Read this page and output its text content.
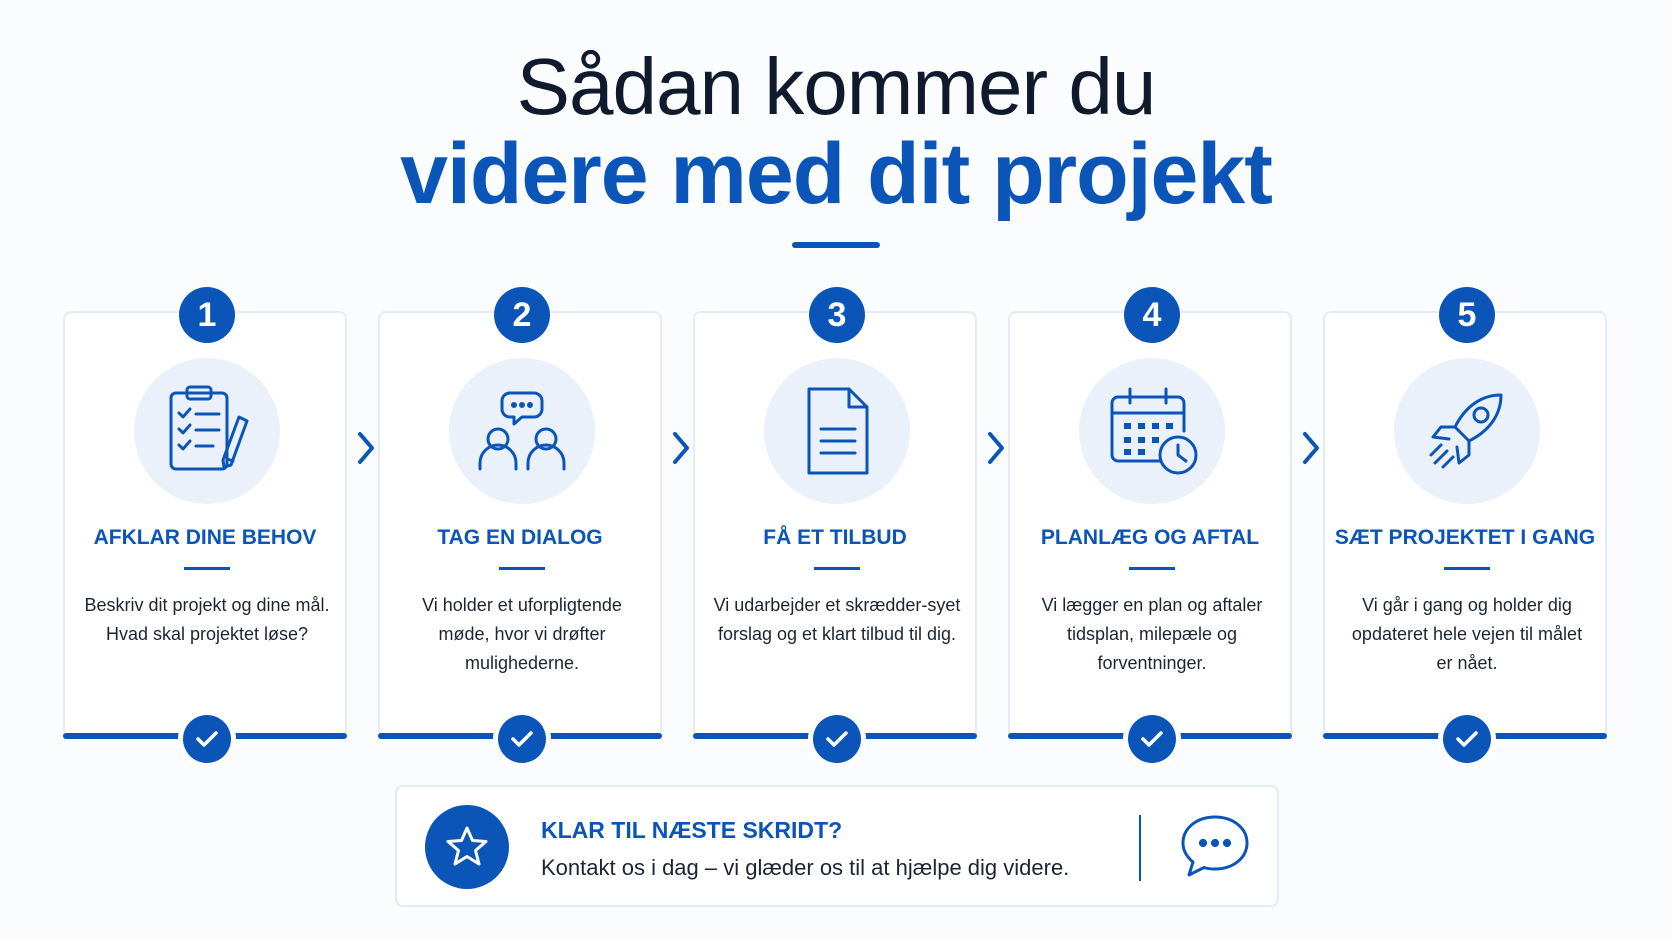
Sådan kommer du
videre med dit projekt
1
AFKLAR DINE BEHOV
Beskriv dit projekt og dine mål. Hvad skal projektet løse?
2
TAG EN DIALOG
Vi holder et uforpligtende møde, hvor vi drøfter mulighederne.
3
FÅ ET TILBUD
Vi udarbejder et skrædder-syet forslag og et klart tilbud til dig.
4
PLANLÆG OG AFTAL
Vi lægger en plan og aftaler tidsplan, milepæle og forventninger.
5
SÆT PROJEKTET I GANG
Vi går i gang og holder dig opdateret hele vejen til målet er nået.
KLAR TIL NÆSTE SKRIDT?
Kontakt os i dag – vi glæder os til at hjælpe dig videre.
